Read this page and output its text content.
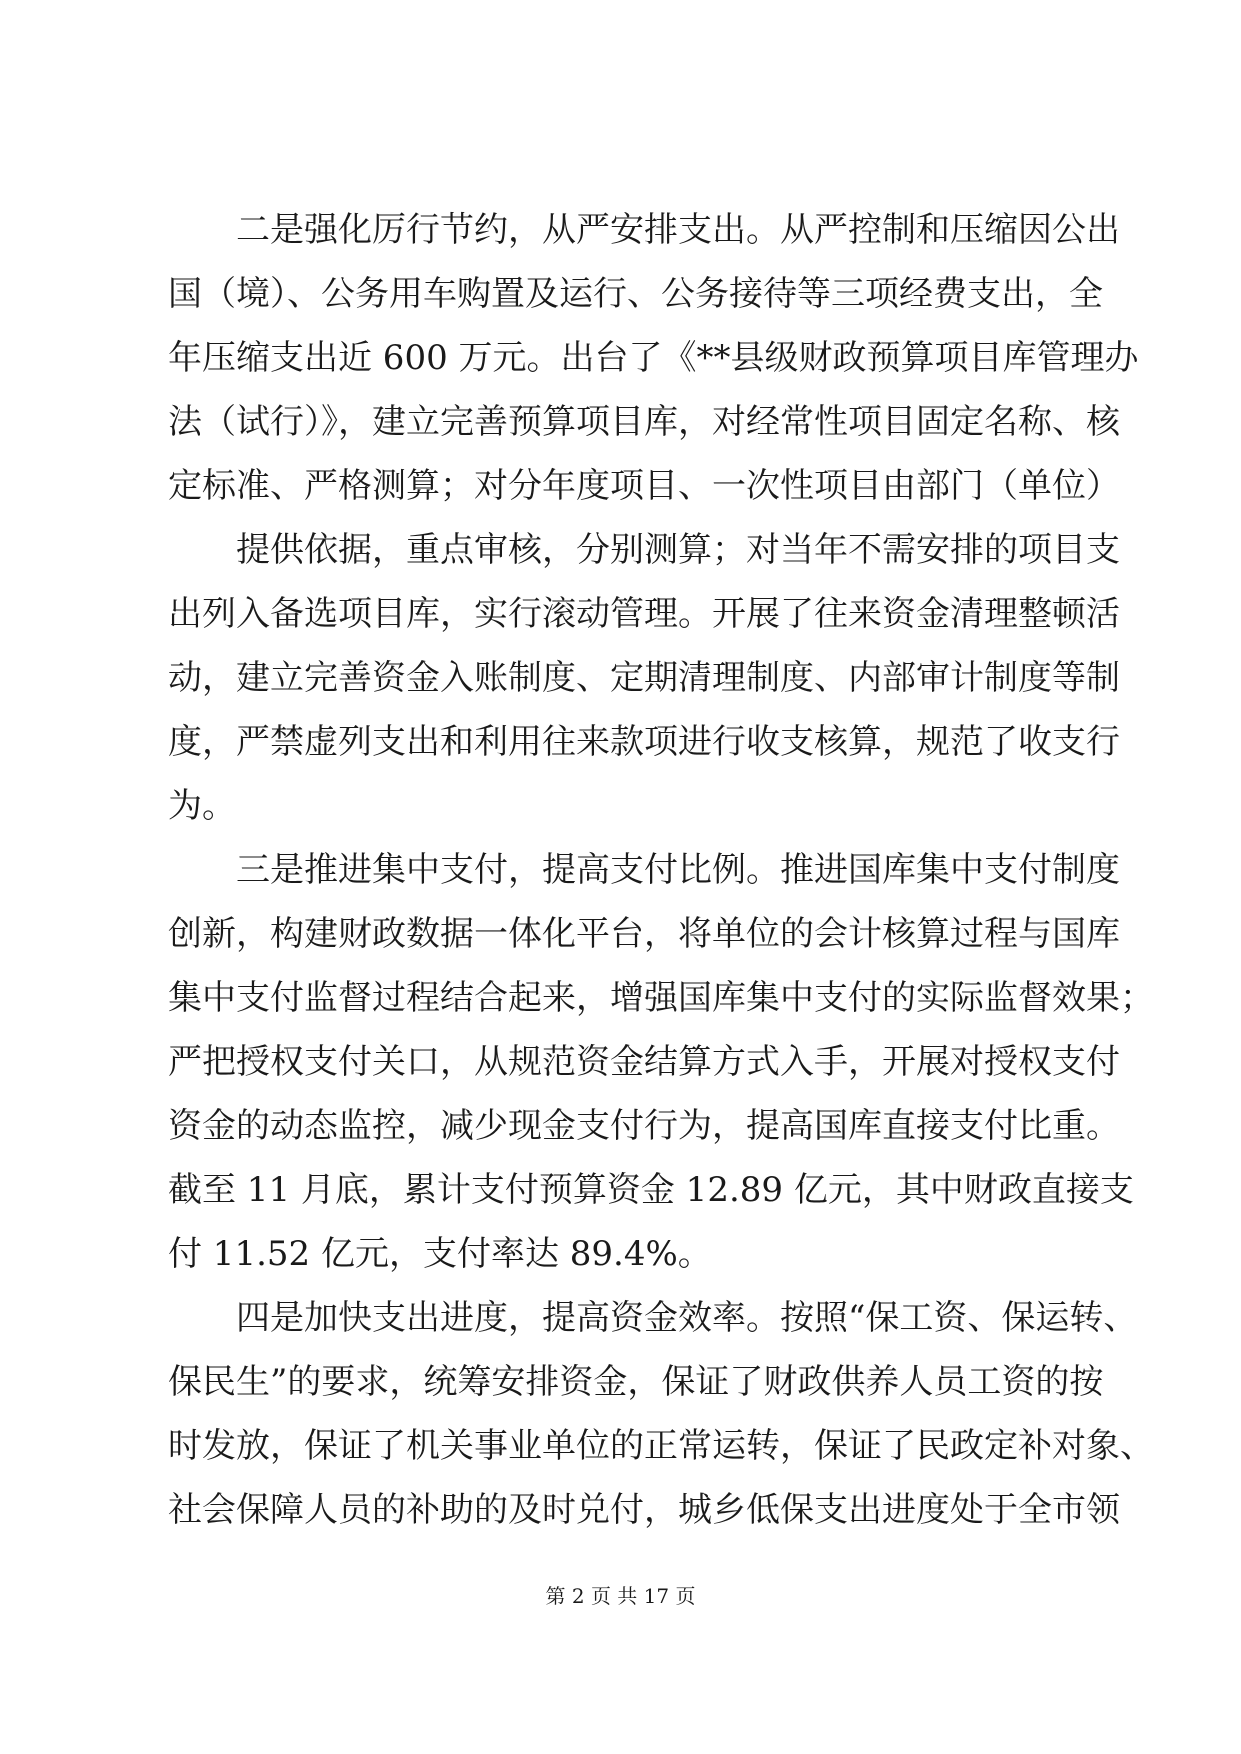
　　二是强化厉行节约，从严安排支出。从严控制和压缩因公出
国（境）、公务用车购置及运行、公务接待等三项经费支出，全
年压缩支出近 600 万元。出台了《**县级财政预算项目库管理办
法（试行）》，建立完善预算项目库，对经常性项目固定名称、核
定标准、严格测算；对分年度项目、一次性项目由部门（单位）
　　提供依据，重点审核，分别测算；对当年不需安排的项目支
出列入备选项目库，实行滚动管理。开展了往来资金清理整顿活
动，建立完善资金入账制度、定期清理制度、内部审计制度等制
度，严禁虚列支出和利用往来款项进行收支核算，规范了收支行
为。
　　三是推进集中支付，提高支付比例。推进国库集中支付制度
创新，构建财政数据一体化平台，将单位的会计核算过程与国库
集中支付监督过程结合起来，增强国库集中支付的实际监督效果；
严把授权支付关口，从规范资金结算方式入手，开展对授权支付
资金的动态监控，减少现金支付行为，提高国库直接支付比重。
截至 11 月底，累计支付预算资金 12.89 亿元，其中财政直接支
付 11.52 亿元，支付率达 89.4%。
　　四是加快支出进度，提高资金效率。按照“保工资、保运转、
保民生”的要求，统筹安排资金，保证了财政供养人员工资的按
时发放，保证了机关事业单位的正常运转，保证了民政定补对象、
社会保障人员的补助的及时兑付，城乡低保支出进度处于全市领
第 2 页 共 17 页
